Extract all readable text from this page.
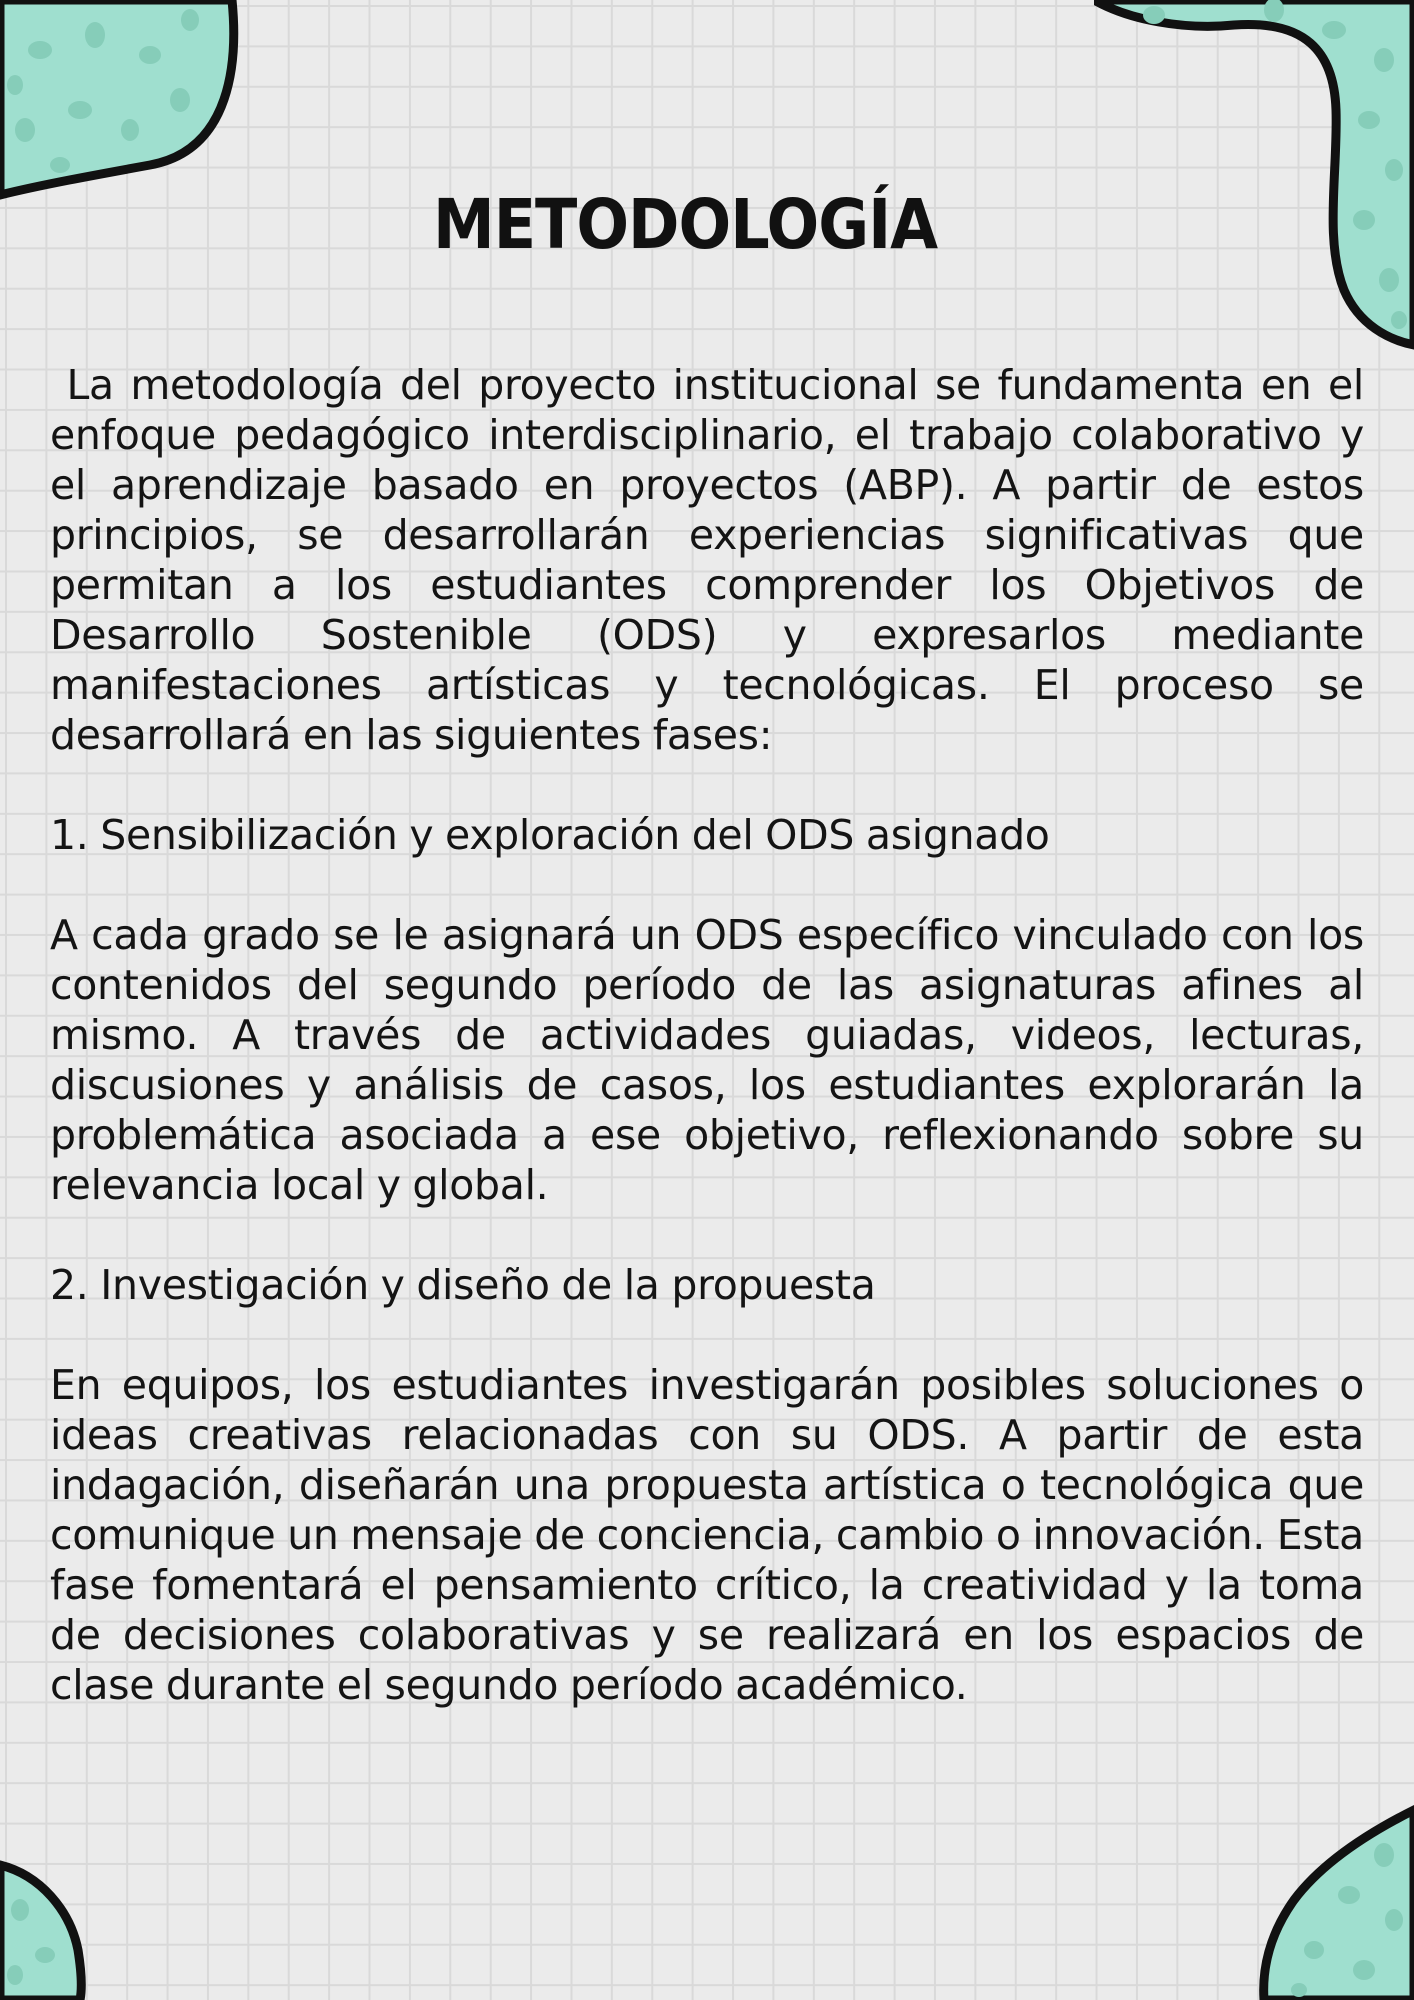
METODOLOGÍA

La metodología del proyecto institucional se fundamenta en el enfoque pedagógico interdisciplinario, el trabajo colaborativo y el aprendizaje basado en proyectos (ABP). A partir de estos principios, se desarrollarán experiencias significativas que permitan a los estudiantes comprender los Objetivos de Desarrollo Sostenible (ODS) y expresarlos mediante manifestaciones artísticas y tecnológicas. El proceso se desarrollará en las siguientes fases:

1. Sensibilización y exploración del ODS asignado

A cada grado se le asignará un ODS específico vinculado con los contenidos del segundo período de las asignaturas afines al mismo. A través de actividades guiadas, videos, lecturas, discusiones y análisis de casos, los estudiantes explorarán la problemática asociada a ese objetivo, reflexionando sobre su relevancia local y global.

2. Investigación y diseño de la propuesta

En equipos, los estudiantes investigarán posibles soluciones o ideas creativas relacionadas con su ODS. A partir de esta indagación, diseñarán una propuesta artística o tecnológica que comunique un mensaje de conciencia, cambio o innovación. Esta fase fomentará el pensamiento crítico, la creatividad y la toma de decisiones colaborativas y se realizará en los espacios de clase durante el segundo período académico.
